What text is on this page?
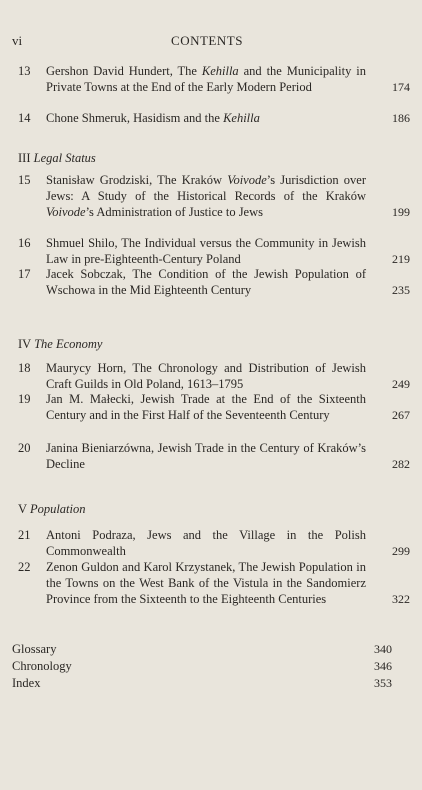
vi	CONTENTS
13	Gershon David Hundert, The Kehilla and the Municipality in Private Towns at the End of the Early Modern Period	174
14	Chone Shmeruk, Hasidism and the Kehilla	186
III Legal Status
15	Stanisław Grodziski, The Kraków Voivode’s Jurisdiction over Jews: A Study of the Historical Records of the Kraków Voivode’s Administration of Justice to Jews	199
16	Shmuel Shilo, The Individual versus the Community in Jewish Law in pre-Eighteenth-Century Poland	219
17	Jacek Sobczak, The Condition of the Jewish Population of Wschowa in the Mid Eighteenth Century	235
IV The Economy
18	Maurycy Horn, The Chronology and Distribution of Jewish Craft Guilds in Old Poland, 1613–1795	249
19	Jan M. Małecki, Jewish Trade at the End of the Sixteenth Century and in the First Half of the Seventeenth Century	267
20	Janina Bieniarzówna, Jewish Trade in the Century of Kraków’s Decline	282
V Population
21	Antoni Podraza, Jews and the Village in the Polish Commonwealth	299
22	Zenon Guldon and Karol Krzystanek, The Jewish Population in the Towns on the West Bank of the Vistula in the Sandomierz Province from the Sixteenth to the Eighteenth Centuries	322
Glossary	340
Chronology	346
Index	353
